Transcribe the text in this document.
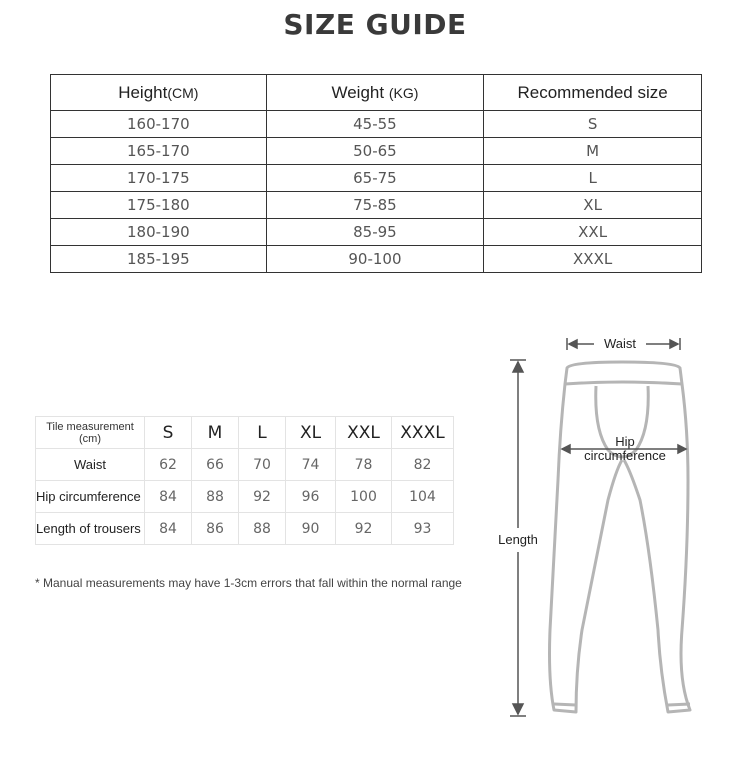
SIZE GUIDE
Height(CM)	Weight (KG)	Recommended size
160-170	45-55	S
165-170	50-65	M
170-175	65-75	L
175-180	75-85	XL
180-190	85-95	XXL
185-195	90-100	XXXL
Tile measurement
(cm)	S	M	L	XL	XXL	XXXL
Waist	62	66	70	74	78	82
Hip circumference	84	88	92	96	100	104
Length of trousers	84	86	88	90	92	93
* Manual measurements may have 1-3cm errors that fall within the normal range
Waist
Hip
circumference
Length
